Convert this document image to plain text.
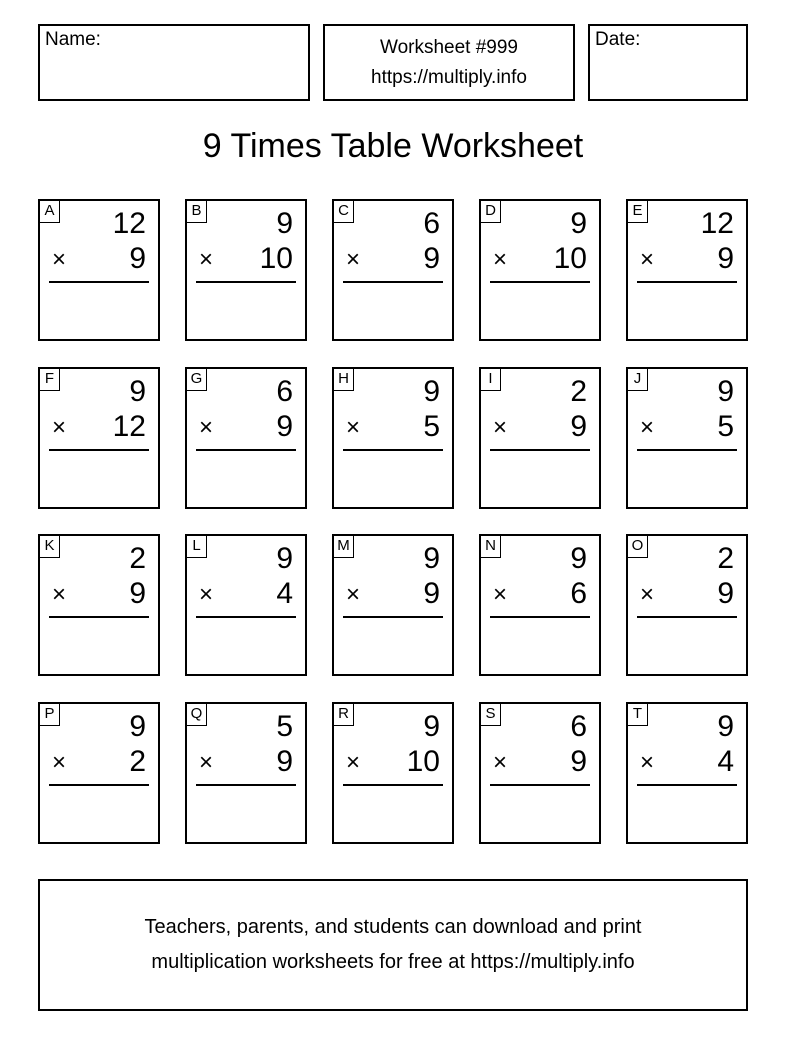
Name:	Worksheet #999
https://multiply.info
Date:
9 Times Table Worksheet
A 12
× 9
B 9
× 10
C 6
× 9
D 9
× 10
E 12
× 9
F	9
× 12
G 6
× 9
H 9
× 5
I	2
× 9
J	9
× 5
K 2
× 9
L	9
× 4
M 9
× 9
N 9
× 6
O 2
× 9
P 9
× 2
Q 5
× 9
R 9
× 10
S 6
× 9
T	9
× 4
Teachers, parents, and students can download and print
multiplication worksheets for free at https://multiply.info
